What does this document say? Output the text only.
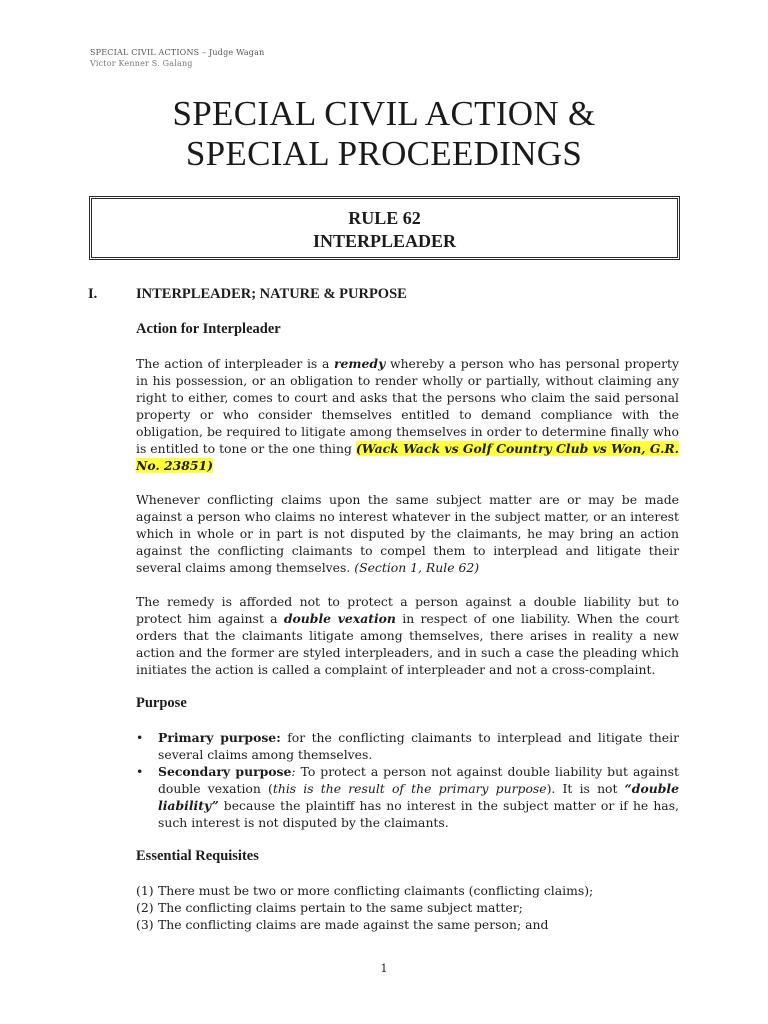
SPECIAL CIVIL ACTIONS – Judge Wagan
Victor Kenner S. Galang
SPECIAL CIVIL ACTION &
SPECIAL PROCEEDINGS
RULE 62
INTERPLEADER
I.	INTERPLEADER; NATURE & PURPOSE
Action for Interpleader

The action of interpleader is a remedy whereby a person who has personal property in his possession, or an obligation to render wholly or partially, without claiming any right to either, comes to court and asks that the persons who claim the said personal property or who consider themselves entitled to demand compliance with the obligation, be required to litigate among themselves in order to determine finally who is entitled to tone or the one thing (Wack Wack vs Golf Country Club vs Won, G.R. No. 23851)

Whenever conflicting claims upon the same subject matter are or may be made against a person who claims no interest whatever in the subject matter, or an interest which in whole or in part is not disputed by the claimants, he may bring an action against the conflicting claimants to compel them to interplead and litigate their several claims among themselves. (Section 1, Rule 62)

The remedy is afforded not to protect a person against a double liability but to protect him against a double vexation in respect of one liability. When the court orders that the claimants litigate among themselves, there arises in reality a new action and the former are styled interpleaders, and in such a case the pleading which initiates the action is called a complaint of interpleader and not a cross-complaint.

Purpose
• Primary purpose: for the conflicting claimants to interplead and litigate their several claims among themselves.
• Secondary purpose: To protect a person not against double liability but against double vexation (this is the result of the primary purpose). It is not “double liability” because the plaintiff has no interest in the subject matter or if he has, such interest is not disputed by the claimants.
Essential Requisites
(1) There must be two or more conflicting claimants (conflicting claims);
(2) The conflicting claims pertain to the same subject matter;
(3) The conflicting claims are made against the same person; and
1
